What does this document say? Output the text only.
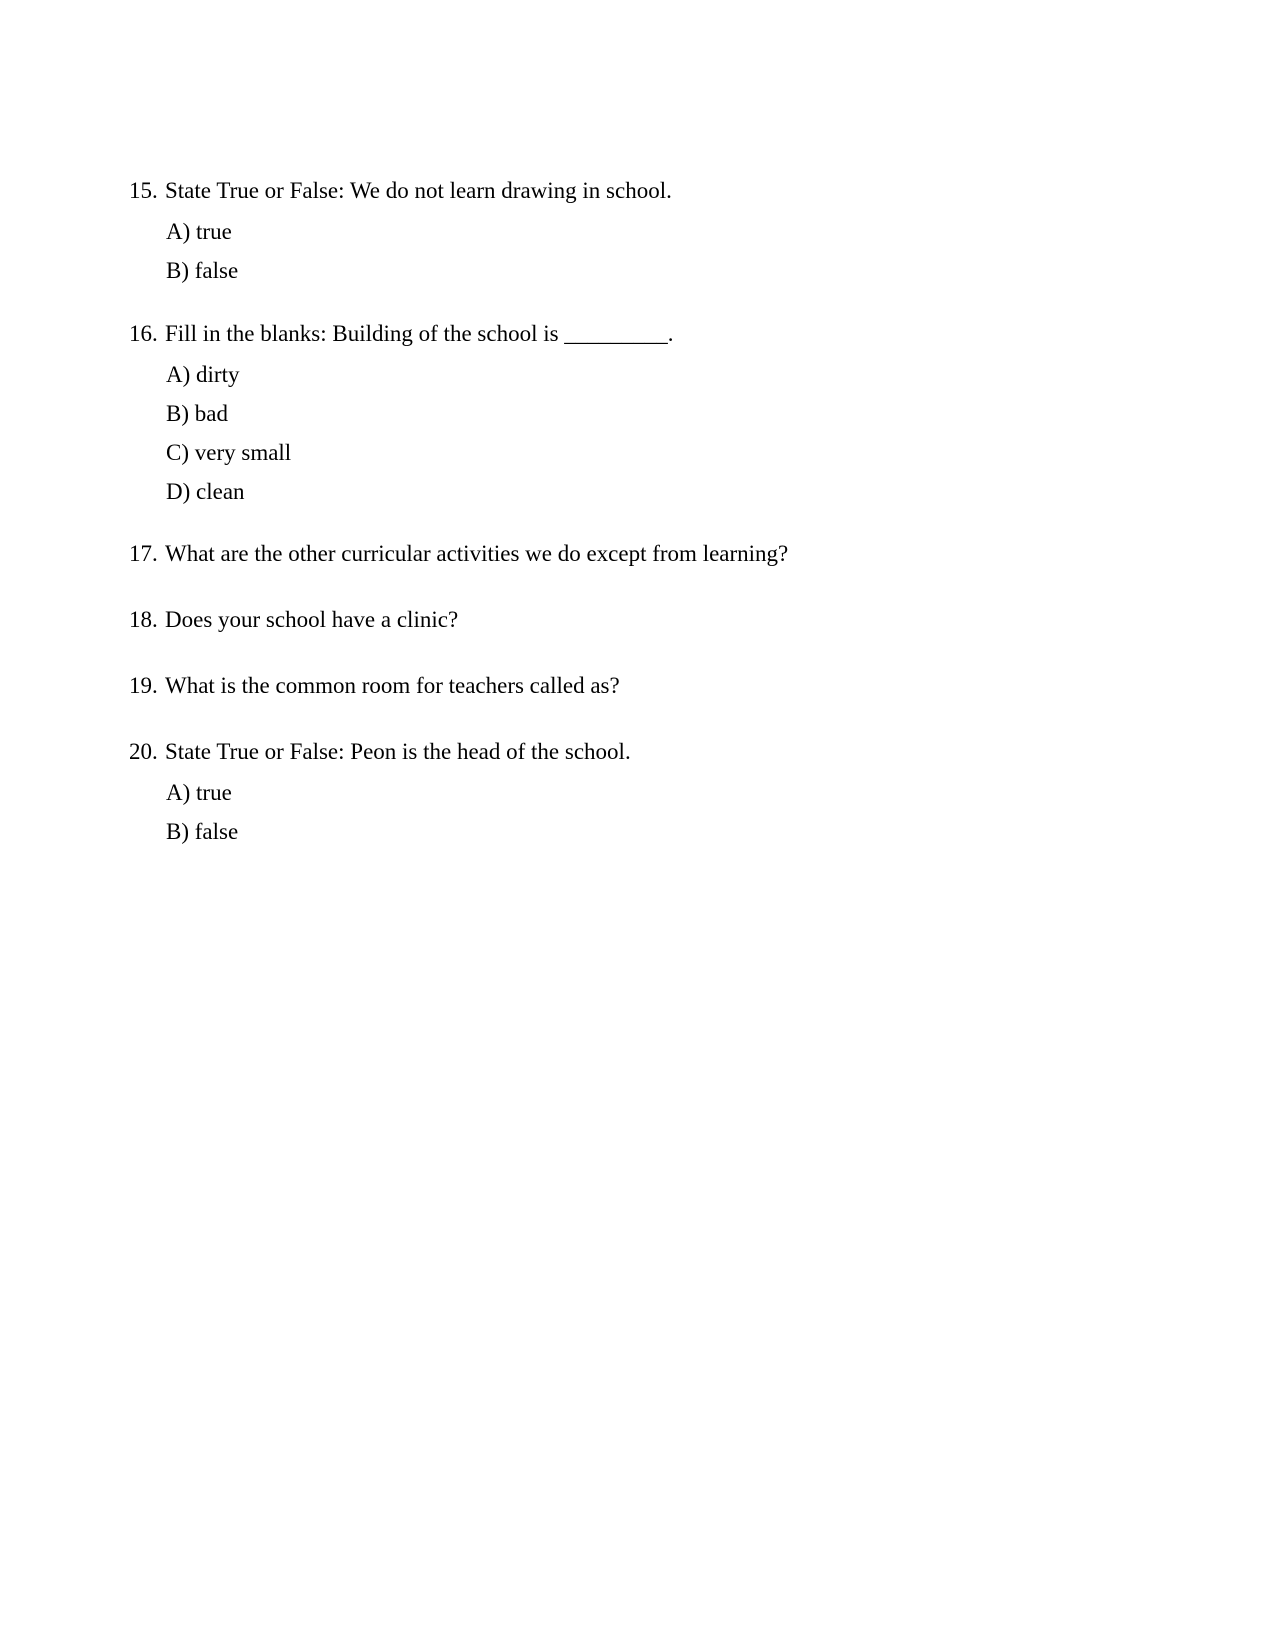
15. State True or False: We do not learn drawing in school.
A) true
B) false
16. Fill in the blanks: Building of the school is _________.
A) dirty
B) bad
C) very small
D) clean
17. What are the other curricular activities we do except from learning?
18. Does your school have a clinic?
19. What is the common room for teachers called as?
20. State True or False: Peon is the head of the school.
A) true
B) false
